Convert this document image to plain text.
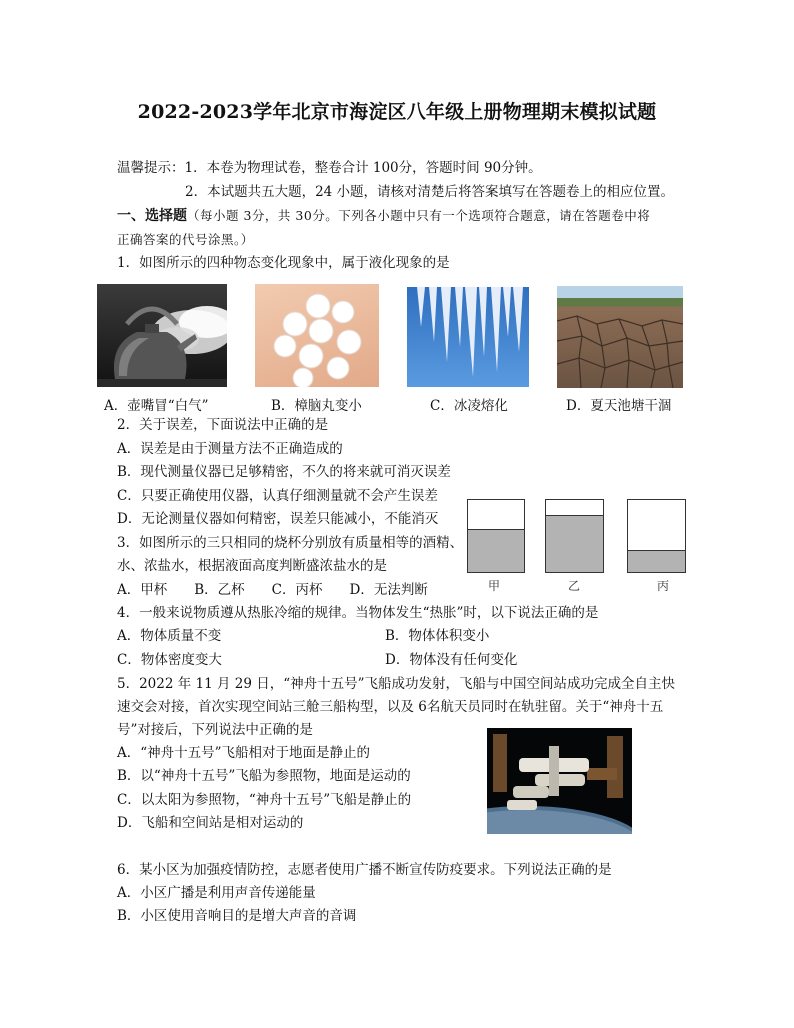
2022-2023学年北京市海淀区八年级上册物理期末模拟试题
温馨提示：1．本卷为物理试卷，整卷合计 100分，答题时间 90分钟。
2．本试题共五大题，24 小题，请核对清楚后将答案填写在答题卷上的相应位置。
一、选择题（每小题 3分，共 30分。下列各小题中只有一个选项符合题意，请在答题卷中将
正确答案的代号涂黑。）
1．如图所示的四种物态变化现象中，属于液化现象的是
A．壶嘴冒“白气”	B．樟脑丸变小	C．冰凌熔化	D．夏天池塘干涸
2．关于误差，下面说法中正确的是
A．误差是由于测量方法不正确造成的
B．现代测量仪器已足够精密，不久的将来就可消灭误差
C．只要正确使用仪器，认真仔细测量就不会产生误差
D．无论测量仪器如何精密，误差只能减小，不能消灭
3．如图所示的三只相同的烧杯分别放有质量相等的酒精、
水、浓盐水，根据液面高度判断盛浓盐水的是
A．甲杯　　B．乙杯　　C．丙杯　　D．无法判断	甲	乙	丙
4．一般来说物质遵从热胀冷缩的规律。当物体发生“热胀”时，以下说法正确的是
A．物体质量不变	B．物体体积变小
C．物体密度变大	D．物体没有任何变化
5．2022 年 11 月 29 日，“神舟十五号”飞船成功发射，飞船与中国空间站成功完成全自主快
速交会对接，首次实现空间站三舱三船构型，以及 6名航天员同时在轨驻留。关于“神舟十五
号”对接后，下列说法中正确的是
A．“神舟十五号”飞船相对于地面是静止的
B．以“神舟十五号”飞船为参照物，地面是运动的
C．以太阳为参照物，“神舟十五号”飞船是静止的
D．飞船和空间站是相对运动的
6．某小区为加强疫情防控，志愿者使用广播不断宣传防疫要求。下列说法正确的是
A．小区广播是利用声音传递能量
B．小区使用音响目的是增大声音的音调
